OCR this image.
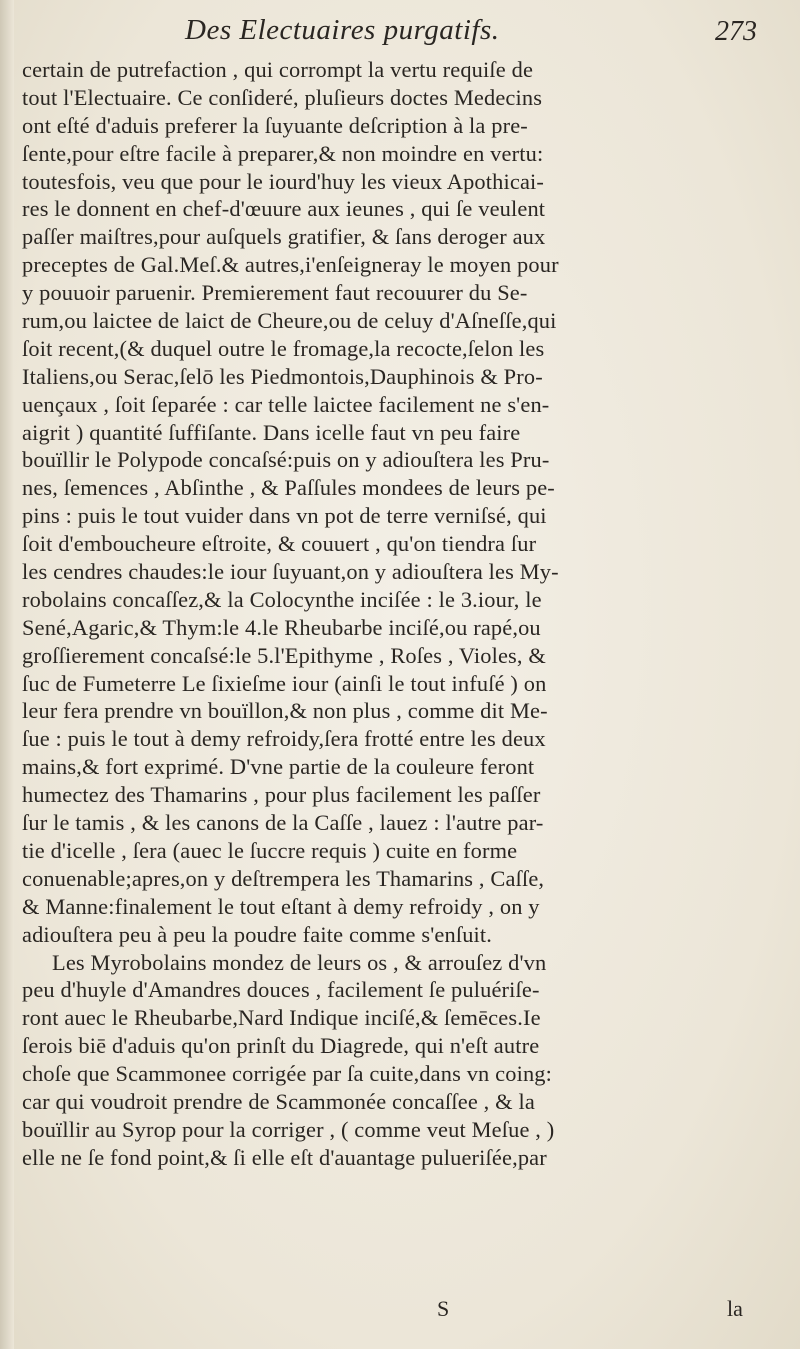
Des Electuaires purgatifs.	273
certain de putrefaction , qui corrompt la vertu requiſe de
tout l'Electuaire. Ce conſideré, pluſieurs doctes Medecins
ont eſté d'aduis preferer la ſuyuante deſcription à la pre-
ſente,pour eſtre facile à preparer,& non moindre en vertu:
toutesfois, veu que pour le iourd'huy les vieux Apothicai-
res le donnent en chef-d'œuure aux ieunes , qui ſe veulent
paſſer maiſtres,pour auſquels gratifier, & ſans deroger aux
preceptes de Gal.Meſ.& autres,i'enſeigneray le moyen pour
y pouuoir paruenir. Premierement faut recouurer du Se-
rum,ou laictee de laict de Cheure,ou de celuy d'Aſneſſe,qui
ſoit recent,(& duquel outre le fromage,la recocte,ſelon les
Italiens,ou Serac,ſelō les Piedmontois,Dauphinois & Pro-
uençaux , ſoit ſeparée : car telle laictee facilement ne s'en-
aigrit ) quantité ſuffiſante. Dans icelle faut vn peu faire
bouïllir le Polypode concaſsé:puis on y adiouſtera les Pru-
nes, ſemences , Abſinthe , & Paſſules mondees de leurs pe-
pins : puis le tout vuider dans vn pot de terre verniſsé, qui
ſoit d'emboucheure eſtroite, & couuert , qu'on tiendra ſur
les cendres chaudes:le iour ſuyuant,on y adiouſtera les My-
robolains concaſſez,& la Colocynthe inciſée : le 3.iour, le
Sené,Agaric,& Thym:le 4.le Rheubarbe inciſé,ou rapé,ou
groſſierement concaſsé:le 5.l'Epithyme , Roſes , Violes, &
ſuc de Fumeterre Le ſixieſme iour (ainſi le tout infuſé ) on
leur fera prendre vn bouïllon,& non plus , comme dit Me-
ſue : puis le tout à demy refroidy,ſera frotté entre les deux
mains,& fort exprimé. D'vne partie de la couleure feront
humectez des Thamarins , pour plus facilement les paſſer
ſur le tamis , & les canons de la Caſſe , lauez : l'autre par-
tie d'icelle , ſera (auec le ſuccre requis ) cuite en forme
conuenable;apres,on y deſtrempera les Thamarins , Caſſe,
& Manne:finalement le tout eſtant à demy refroidy , on y
adiouſtera peu à peu la poudre faite comme s'enſuit.
Les Myrobolains mondez de leurs os , & arrouſez d'vn
peu d'huyle d'Amandres douces , facilement ſe puluériſe-
ront auec le Rheubarbe,Nard Indique inciſé,& ſemēces.Ie
ſerois biē d'aduis qu'on prinſt du Diagrede, qui n'eſt autre
choſe que Scammonee corrigée par ſa cuite,dans vn coing:
car qui voudroit prendre de Scammonée concaſſee , & la
bouïllir au Syrop pour la corriger , ( comme veut Meſue , )
elle ne ſe fond point,& ſi elle eſt d'auantage pulueriſée,par
S	la
